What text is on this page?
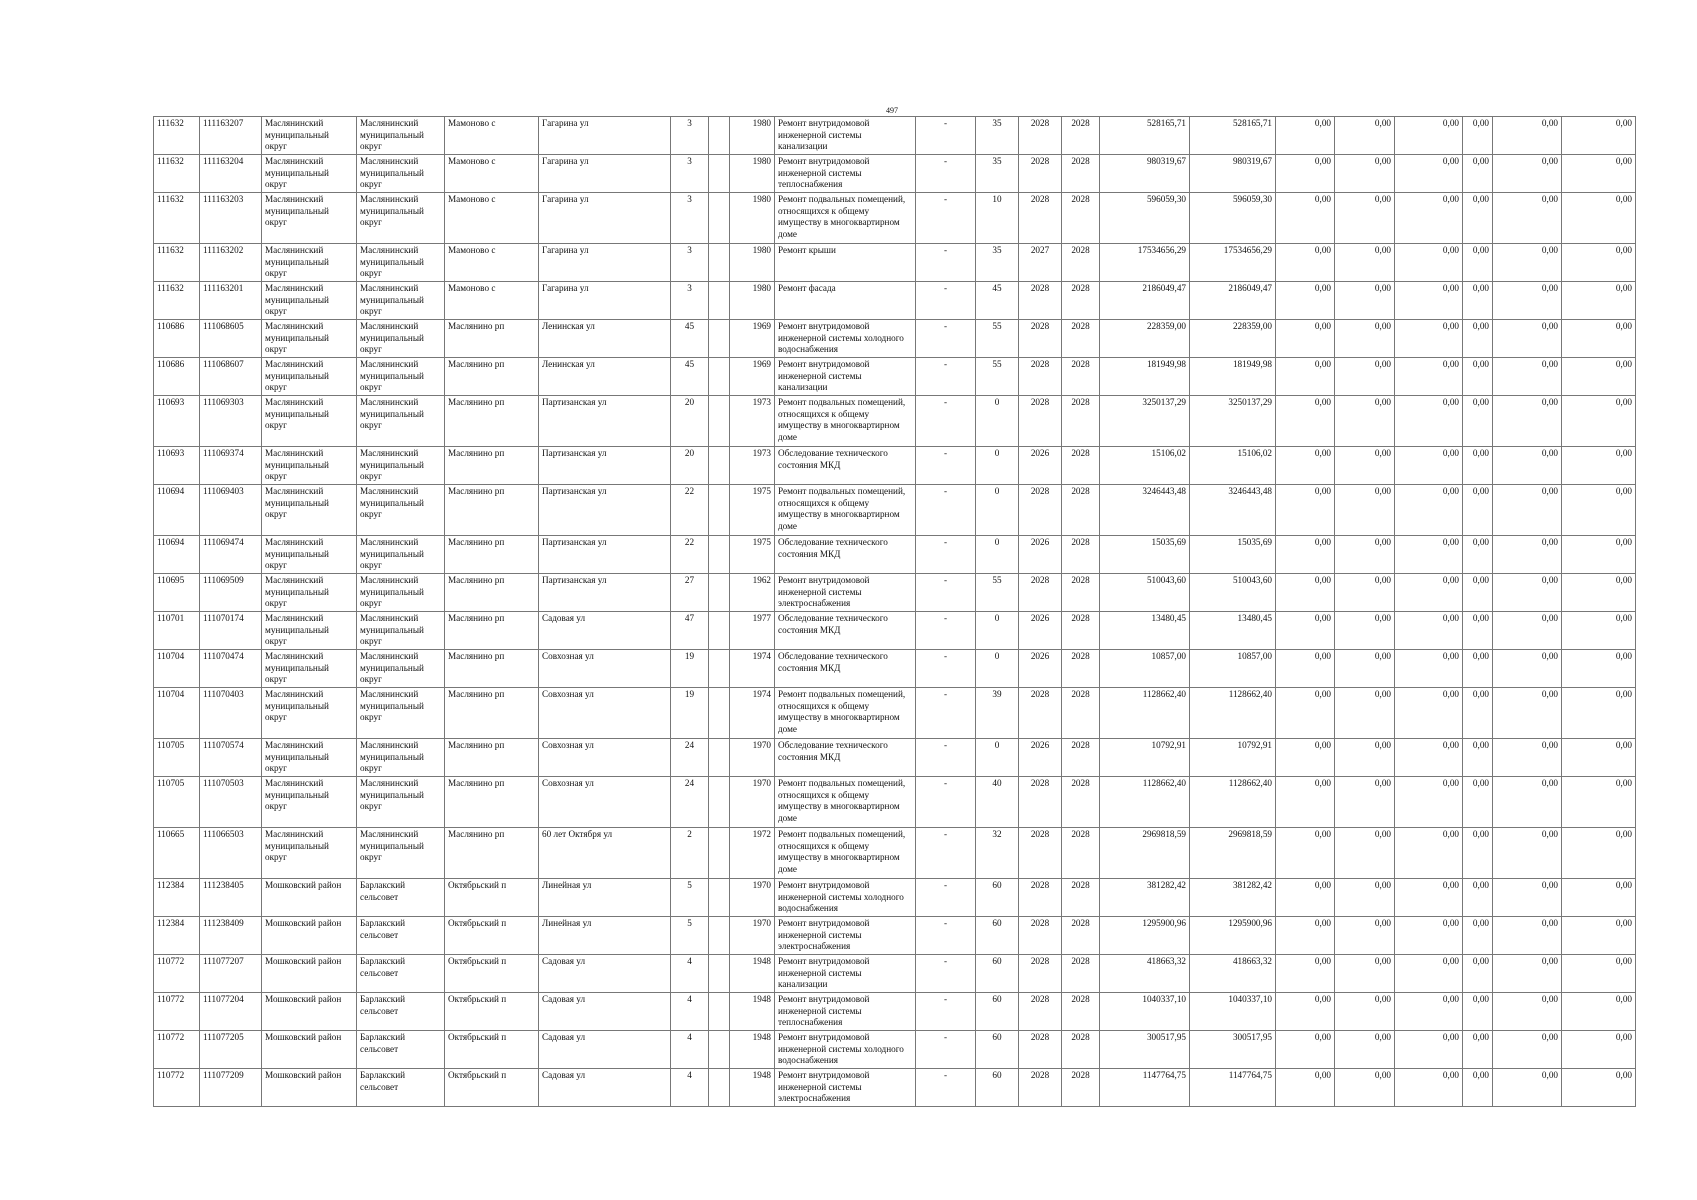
497
111632	111163207	Маслянинский муниципальный округ	Маслянинский муниципальный округ	Мамоново с	Гагарина ул	3		1980	Ремонт внутридомовой инженерной системы канализации	-	35	2028	2028	528165,71	528165,71	0,00	0,00	0,00	0,00	0,00	0,00
111632	111163204	Маслянинский муниципальный округ	Маслянинский муниципальный округ	Мамоново с	Гагарина ул	3		1980	Ремонт внутридомовой инженерной системы теплоснабжения	-	35	2028	2028	980319,67	980319,67	0,00	0,00	0,00	0,00	0,00	0,00
111632	111163203	Маслянинский муниципальный округ	Маслянинский муниципальный округ	Мамоново с	Гагарина ул	3		1980	Ремонт подвальных помещений, относящихся к общему имуществу в многоквартирном доме	-	10	2028	2028	596059,30	596059,30	0,00	0,00	0,00	0,00	0,00	0,00
111632	111163202	Маслянинский муниципальный округ	Маслянинский муниципальный округ	Мамоново с	Гагарина ул	3		1980	Ремонт крыши	-	35	2027	2028	17534656,29	17534656,29	0,00	0,00	0,00	0,00	0,00	0,00
111632	111163201	Маслянинский муниципальный округ	Маслянинский муниципальный округ	Мамоново с	Гагарина ул	3		1980	Ремонт фасада	-	45	2028	2028	2186049,47	2186049,47	0,00	0,00	0,00	0,00	0,00	0,00
110686	111068605	Маслянинский муниципальный округ	Маслянинский муниципальный округ	Маслянино рп	Ленинская ул	45		1969	Ремонт внутридомовой инженерной системы холодного водоснабжения	-	55	2028	2028	228359,00	228359,00	0,00	0,00	0,00	0,00	0,00	0,00
110686	111068607	Маслянинский муниципальный округ	Маслянинский муниципальный округ	Маслянино рп	Ленинская ул	45		1969	Ремонт внутридомовой инженерной системы канализации	-	55	2028	2028	181949,98	181949,98	0,00	0,00	0,00	0,00	0,00	0,00
110693	111069303	Маслянинский муниципальный округ	Маслянинский муниципальный округ	Маслянино рп	Партизанская ул	20		1973	Ремонт подвальных помещений, относящихся к общему имуществу в многоквартирном доме	-	0	2028	2028	3250137,29	3250137,29	0,00	0,00	0,00	0,00	0,00	0,00
110693	111069374	Маслянинский муниципальный округ	Маслянинский муниципальный округ	Маслянино рп	Партизанская ул	20		1973	Обследование технического состояния МКД	-	0	2026	2028	15106,02	15106,02	0,00	0,00	0,00	0,00	0,00	0,00
110694	111069403	Маслянинский муниципальный округ	Маслянинский муниципальный округ	Маслянино рп	Партизанская ул	22		1975	Ремонт подвальных помещений, относящихся к общему имуществу в многоквартирном доме	-	0	2028	2028	3246443,48	3246443,48	0,00	0,00	0,00	0,00	0,00	0,00
110694	111069474	Маслянинский муниципальный округ	Маслянинский муниципальный округ	Маслянино рп	Партизанская ул	22		1975	Обследование технического состояния МКД	-	0	2026	2028	15035,69	15035,69	0,00	0,00	0,00	0,00	0,00	0,00
110695	111069509	Маслянинский муниципальный округ	Маслянинский муниципальный округ	Маслянино рп	Партизанская ул	27		1962	Ремонт внутридомовой инженерной системы электроснабжения	-	55	2028	2028	510043,60	510043,60	0,00	0,00	0,00	0,00	0,00	0,00
110701	111070174	Маслянинский муниципальный округ	Маслянинский муниципальный округ	Маслянино рп	Садовая ул	47		1977	Обследование технического состояния МКД	-	0	2026	2028	13480,45	13480,45	0,00	0,00	0,00	0,00	0,00	0,00
110704	111070474	Маслянинский муниципальный округ	Маслянинский муниципальный округ	Маслянино рп	Совхозная ул	19		1974	Обследование технического состояния МКД	-	0	2026	2028	10857,00	10857,00	0,00	0,00	0,00	0,00	0,00	0,00
110704	111070403	Маслянинский муниципальный округ	Маслянинский муниципальный округ	Маслянино рп	Совхозная ул	19		1974	Ремонт подвальных помещений, относящихся к общему имуществу в многоквартирном доме	-	39	2028	2028	1128662,40	1128662,40	0,00	0,00	0,00	0,00	0,00	0,00
110705	111070574	Маслянинский муниципальный округ	Маслянинский муниципальный округ	Маслянино рп	Совхозная ул	24		1970	Обследование технического состояния МКД	-	0	2026	2028	10792,91	10792,91	0,00	0,00	0,00	0,00	0,00	0,00
110705	111070503	Маслянинский муниципальный округ	Маслянинский муниципальный округ	Маслянино рп	Совхозная ул	24		1970	Ремонт подвальных помещений, относящихся к общему имуществу в многоквартирном доме	-	40	2028	2028	1128662,40	1128662,40	0,00	0,00	0,00	0,00	0,00	0,00
110665	111066503	Маслянинский муниципальный округ	Маслянинский муниципальный округ	Маслянино рп	60 лет Октября ул	2		1972	Ремонт подвальных помещений, относящихся к общему имуществу в многоквартирном доме	-	32	2028	2028	2969818,59	2969818,59	0,00	0,00	0,00	0,00	0,00	0,00
112384	111238405	Мошковский район	Барлакский сельсовет	Октябрьский п	Линейная ул	5		1970	Ремонт внутридомовой инженерной системы холодного водоснабжения	-	60	2028	2028	381282,42	381282,42	0,00	0,00	0,00	0,00	0,00	0,00
112384	111238409	Мошковский район	Барлакский сельсовет	Октябрьский п	Линейная ул	5		1970	Ремонт внутридомовой инженерной системы электроснабжения	-	60	2028	2028	1295900,96	1295900,96	0,00	0,00	0,00	0,00	0,00	0,00
110772	111077207	Мошковский район	Барлакский сельсовет	Октябрьский п	Садовая ул	4		1948	Ремонт внутридомовой инженерной системы канализации	-	60	2028	2028	418663,32	418663,32	0,00	0,00	0,00	0,00	0,00	0,00
110772	111077204	Мошковский район	Барлакский сельсовет	Октябрьский п	Садовая ул	4		1948	Ремонт внутридомовой инженерной системы теплоснабжения	-	60	2028	2028	1040337,10	1040337,10	0,00	0,00	0,00	0,00	0,00	0,00
110772	111077205	Мошковский район	Барлакский сельсовет	Октябрьский п	Садовая ул	4		1948	Ремонт внутридомовой инженерной системы холодного водоснабжения	-	60	2028	2028	300517,95	300517,95	0,00	0,00	0,00	0,00	0,00	0,00
110772	111077209	Мошковский район	Барлакский сельсовет	Октябрьский п	Садовая ул	4		1948	Ремонт внутридомовой инженерной системы электроснабжения	-	60	2028	2028	1147764,75	1147764,75	0,00	0,00	0,00	0,00	0,00	0,00
